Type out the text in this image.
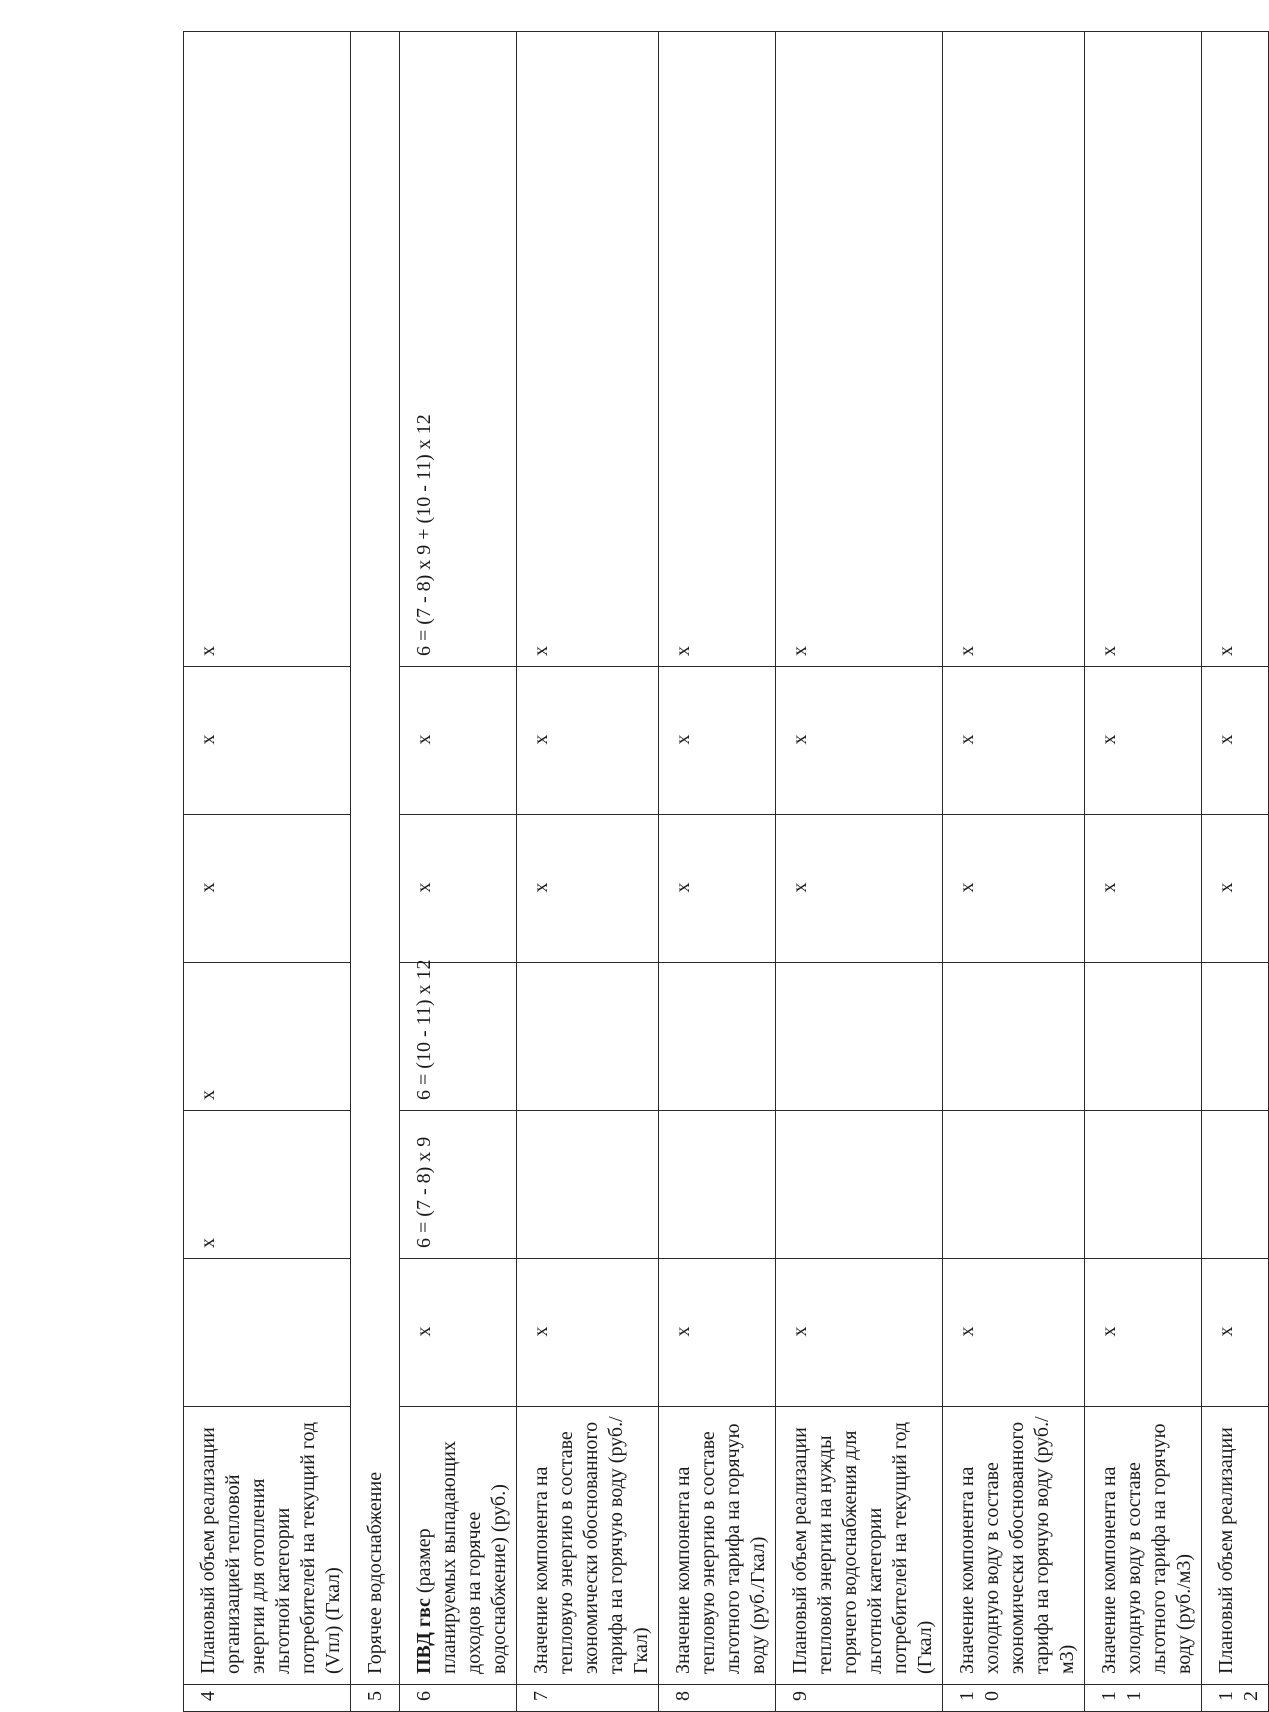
4	Плановый объем реализации организацией тепловой энергии для отопления льготной категории потребителей на текущий год (Vпл) (Гкал)		x	x	x	x	x
5	Горячее водоснабжение						
6	ПВД гвс (размер планируемых выпадающих доходов на горячее водоснабжение) (руб.)	x	6 = (7 - 8) x 9	6 = (10 - 11) x 12	x	x	6 = (7 - 8) x 9 + (10 - 11) x 12
7	Значение компонента на тепловую энергию в составе экономически обоснованного тарифа на горячую воду (руб./Гкал)	x			x	x	x
8	Значение компонента на тепловую энергию в составе льготного тарифа на горячую воду (руб./Гкал)	x			x	x	x
9	Плановый объем реализации тепловой энергии на нужды горячего водоснабжения для льготной категории потребителей на текущий год (Гкал)	x			x	x	x
10	Значение компонента на холодную воду в составе экономически обоснованного тарифа на горячую воду (руб./м3)	x			x	x	x
11	Значение компонента на холодную воду в составе льготного тарифа на горячую воду (руб./м3)	x			x	x	x
12	Плановый объем реализации	x			x	x	x
